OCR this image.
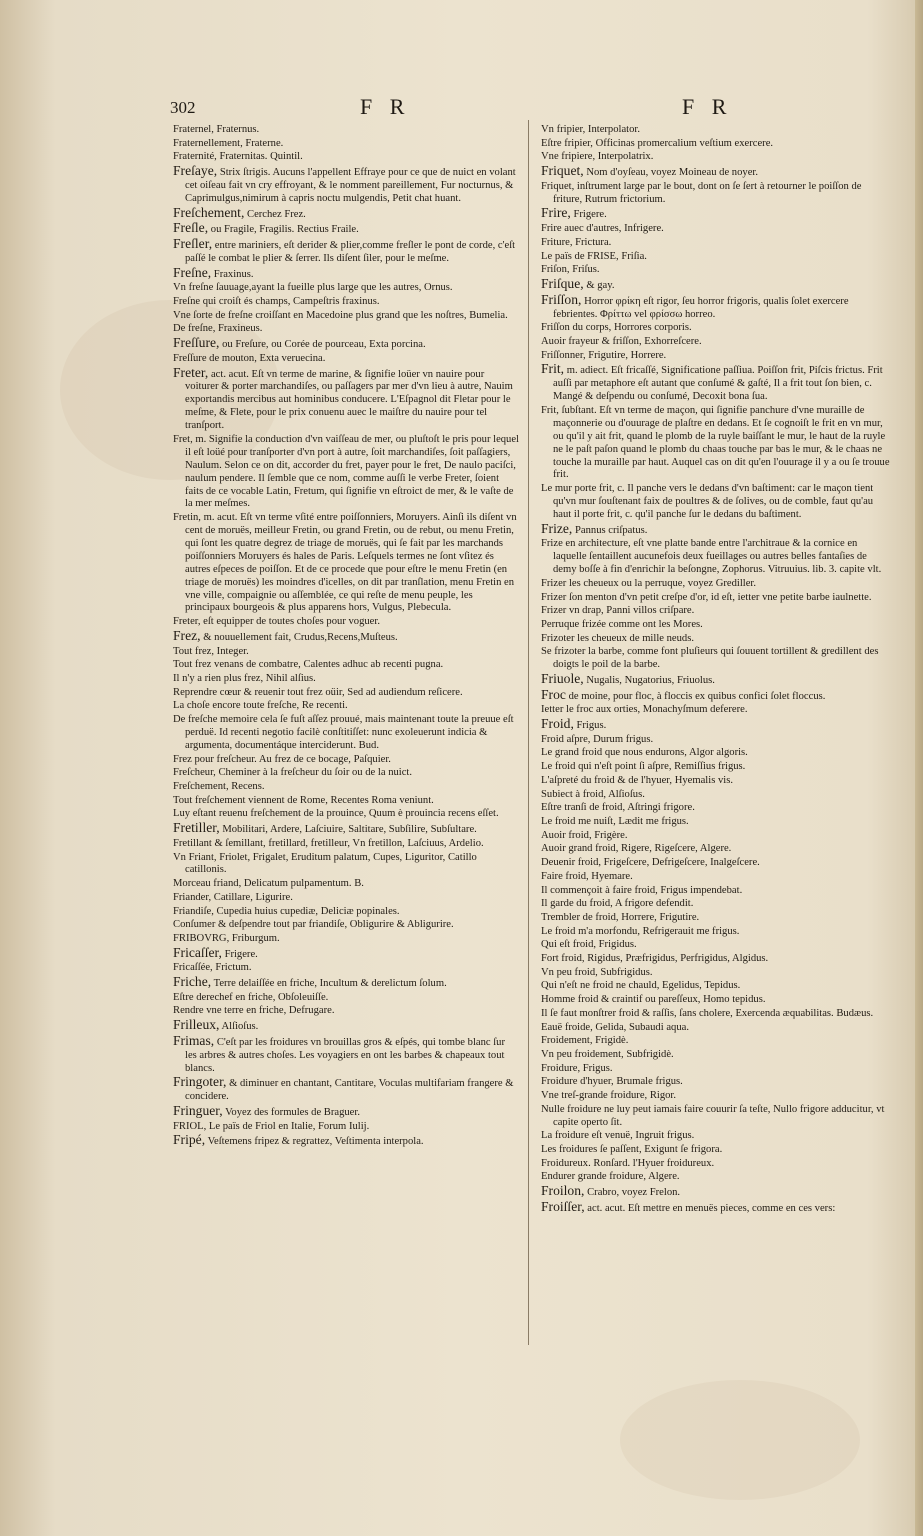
302	F R	F R
Fraternel, Fraternus.
Fraternellement, Fraterne.
Fraternité, Fraternitas. Quintil.
Freſaye, Strix ſtrigis. Aucuns l'appellent Effraye pour ce que de nuict en volant cet oiſeau fait vn cry effroyant, & le nomment pareillement, Fur nocturnus, & Caprimulgus,nimirum à capris noctu mulgendis, Petit chat huant.
Freſchement, Cerchez Frez.
Freſle, ou Fragile, Fragilis. Rectius Fraile.
Freſler, entre mariniers, eſt derider & plier,comme freſler le pont de corde, c'eſt paſſé le combat le plier & ſerrer. Ils diſent ſiler, pour le meſme.
Freſne, Fraxinus.
Vn freſne ſauuage,ayant la fueille plus large que les autres, Ornus.
Freſne qui croiſt és champs, Campeſtris fraxinus.
Vne ſorte de freſne croiſſant en Macedoine plus grand que les noſtres, Bumelia.
De freſne, Fraxineus.
Freſſure, ou Freſure, ou Corée de pourceau, Exta porcina.
Freſſure de mouton, Exta veruecina.
Freter, act. acut. Eſt vn terme de marine, & ſignifie loüer vn nauire pour voiturer & porter marchandiſes, ou paſſagers par mer d'vn lieu à autre, Nauim exportandis mercibus aut hominibus conducere. L'Eſpagnol dit Fletar pour le meſme, & Flete, pour le prix conuenu auec le maiſtre du nauire pour tel tranſport.
Fret, m. Signifie la conduction d'vn vaiſſeau de mer, ou pluſtoſt le pris pour lequel il eſt loüé pour tranſporter d'vn port à autre, ſoit marchandiſes, ſoit paſſagiers, Naulum. Selon ce on dit, accorder du fret, payer pour le fret, De naulo paciſci, naulum pendere. Il ſemble que ce nom, comme auſſi le verbe Freter, ſoient faits de ce vocable Latin, Fretum, qui ſignifie vn eſtroict de mer, & le vaſte de la mer meſmes.
Fretin, m. acut. Eſt vn terme vſité entre poiſſonniers, Moruyers. Ainſi ils diſent vn cent de moruës, meilleur Fretin, ou grand Fretin, ou de rebut, ou menu Fretin, qui ſont les quatre degrez de triage de moruës, qui ſe fait par les marchands poiſſonniers Moruyers és hales de Paris. Leſquels termes ne ſont vſitez és autres eſpeces de poiſſon. Et de ce procede que pour eſtre le menu Fretin (en triage de moruës) les moindres d'icelles, on dit par tranſlation, menu Fretin en vne ville, compaignie ou aſſemblée, ce qui reſte de menu peuple, les principaux bourgeois & plus apparens hors, Vulgus, Plebecula.
Freter, eſt equipper de toutes choſes pour voguer.
Frez, & nouuellement fait, Crudus,Recens,Muſteus.
Tout frez, Integer.
Tout frez venans de combatre, Calentes adhuc ab recenti pugna.
Il n'y a rien plus frez, Nihil alſius.
Reprendre cœur & reuenir tout frez oüir, Sed ad audiendum reſicere.
La choſe encore toute freſche, Re recenti.
De freſche memoire cela ſe fuſt aſſez prouué, mais maintenant toute la preuue eſt perduë. Id recenti negotio facilè conſtitiſſet: nunc exoleuerunt indicia & argumenta, documentáque interciderunt. Bud.
Frez pour freſcheur. Au frez de ce bocage, Paſquier.
Freſcheur, Cheminer à la freſcheur du ſoir ou de la nuict.
Freſchement, Recens.
Tout freſchement viennent de Rome, Recentes Roma veniunt.
Luy eſtant reuenu freſchement de la prouince, Quum è prouincia recens eſſet.
Fretiller, Mobilitari, Ardere, Laſciuire, Saltitare, Subſilire, Subſultare.
Fretillant & ſemillant, fretillard, fretilleur, Vn fretillon, Laſciuus, Ardelio.
Vn Friant, Friolet, Frigalet, Eruditum palatum, Cupes, Liguritor, Catillo catillonis.
Morceau friand, Delicatum pulpamentum. B.
Friander, Catillare, Ligurire.
Friandiſe, Cupedia huius cupediæ, Deliciæ popinales.
Conſumer & deſpendre tout par friandiſe, Obligurire & Abligurire.
FRIBOVRG, Friburgum.
Fricaſſer, Frigere.
Fricaſſée, Frictum.
Friche, Terre delaiſſée en friche, Incultum & derelictum ſolum.
Eſtre derechef en friche, Obſoleuiſſe.
Rendre vne terre en friche, Defrugare.
Frilleux, Alſioſus.
Frimas, C'eſt par les froidures vn brouillas gros & eſpés, qui tombe blanc ſur les arbres & autres choſes. Les voyagiers en ont les barbes & chapeaux tout blancs.
Fringoter, & diminuer en chantant, Cantitare, Voculas multifariam frangere & concidere.
Fringuer, Voyez des formules de Braguer.
FRIOL, Le païs de Friol en Italie, Forum Iulij.
Fripé, Veſtemens fripez & regrattez, Veſtimenta interpola.
Vn fripier, Interpolator.
Eſtre fripier, Officinas promercalium veſtium exercere.
Vne fripiere, Interpolatrix.
Friquet, Nom d'oyſeau, voyez Moineau de noyer.
Friquet, inſtrument large par le bout, dont on ſe ſert à retourner le poiſſon de friture, Rutrum frictorium.
Frire, Frigere.
Frire auec d'autres, Infrigere.
Friture, Frictura.
Le païs de FRISE, Friſia.
Friſon, Friſus.
Friſque, & gay.
Friſſon, Horror φρίκη eſt rigor, ſeu horror frigoris, qualis ſolet exercere febrientes. Φρίττω vel φρίσσω horreo.
Friſſon du corps, Horrores corporis.
Auoir frayeur & friſſon, Exhorreſcere.
Friſſonner, Frigutire, Horrere.
Frit, m. adiect. Eſt fricaſſé, Significatione paſſiua. Poiſſon frit, Piſcis frictus. Frit auſſi par metaphore eſt autant que conſumé & gaſté, Il a frit tout ſon bien, c. Mangé & deſpendu ou conſumé, Decoxit bona ſua.
Frit, ſubſtant. Eſt vn terme de maçon, qui ſignifie panchure d'vne muraille de maçonnerie ou d'ouurage de plaſtre en dedans. Et ſe cognoiſt le frit en vn mur, ou qu'il y ait frit, quand le plomb de la ruyle baiſſant le mur, le haut de la ruyle ne le paſt paſon quand le plomb du chaas touche par bas le mur, & le chaas ne touche la muraille par haut. Auquel cas on dit qu'en l'ouurage il y a ou ſe trouue frit.
Le mur porte frit, c. Il panche vers le dedans d'vn baſtiment: car le maçon tient qu'vn mur ſouſtenant faix de poultres & de ſolives, ou de comble, faut qu'au haut il porte frit, c. qu'il panche ſur le dedans du baſtiment.
Frize, Pannus criſpatus.
Frize en architecture, eſt vne platte bande entre l'architraue & la cornice en laquelle ſentaillent aucunefois deux fueillages ou autres belles fantaſies de demy boſſe à fin d'enrichir la beſongne, Zophorus. Vitruuius. lib. 3. capite vlt.
Frizer les cheueux ou la perruque, voyez Grediller.
Frizer ſon menton d'vn petit creſpe d'or, id eſt, ietter vne petite barbe iaulnette.
Frizer vn drap, Panni villos criſpare.
Perruque frizée comme ont les Mores.
Frizoter les cheueux de mille neuds.
Se frizoter la barbe, comme font pluſieurs qui ſouuent tortillent & gredillent des doigts le poil de la barbe.
Friuole, Nugalis, Nugatorius, Friuolus.
Froc de moine, pour floc, à floccis ex quibus confici ſolet floccus.
Ietter le froc aux orties, Monachyſmum deferere.
Froid, Frigus.
Froid aſpre, Durum frigus.
Le grand froid que nous endurons, Algor algoris.
Le froid qui n'eſt point ſi aſpre, Remiſſius frigus.
L'aſpreté du froid & de l'hyuer, Hyemalis vis.
Subiect à froid, Alſioſus.
Eſtre tranſi de froid, Aſtringi frigore.
Le froid me nuiſt, Lædit me frigus.
Auoir froid, Frigère.
Auoir grand froid, Rigere, Rigeſcere, Algere.
Deuenir froid, Frigeſcere, Defrigeſcere, Inalgeſcere.
Faire froid, Hyemare.
Il commençoit à faire froid, Frigus impendebat.
Il garde du froid, A frigore defendit.
Trembler de froid, Horrere, Frigutire.
Le froid m'a morfondu, Refrigerauit me frigus.
Qui eſt froid, Frigidus.
Fort froid, Rigidus, Præfrigidus, Perfrigidus, Algidus.
Vn peu froid, Subfrigidus.
Qui n'eſt ne froid ne chauld, Egelidus, Tepidus.
Homme froid & craintif ou pareſſeux, Homo tepidus.
Il ſe faut monſtrer froid & raſſis, ſans cholere, Exercenda æquabilitas. Budæus.
Eauë froide, Gelida, Subaudi aqua.
Froidement, Frigidè.
Vn peu froidement, Subfrigidè.
Froidure, Frigus.
Froidure d'hyuer, Brumale frigus.
Vne treſ-grande froidure, Rigor.
Nulle froidure ne luy peut iamais faire couurir ſa teſte, Nullo frigore adducitur, vt capite operto ſit.
La froidure eſt venuë, Ingruit frigus.
Les froidures ſe paſſent, Exigunt ſe frigora.
Froidureux. Ronſard. l'Hyuer froidureux.
Endurer grande froidure, Algere.
Froilon, Crabro, voyez Frelon.
Froiſſer, act. acut. Eſt mettre en menuës pieces, comme en ces vers:
